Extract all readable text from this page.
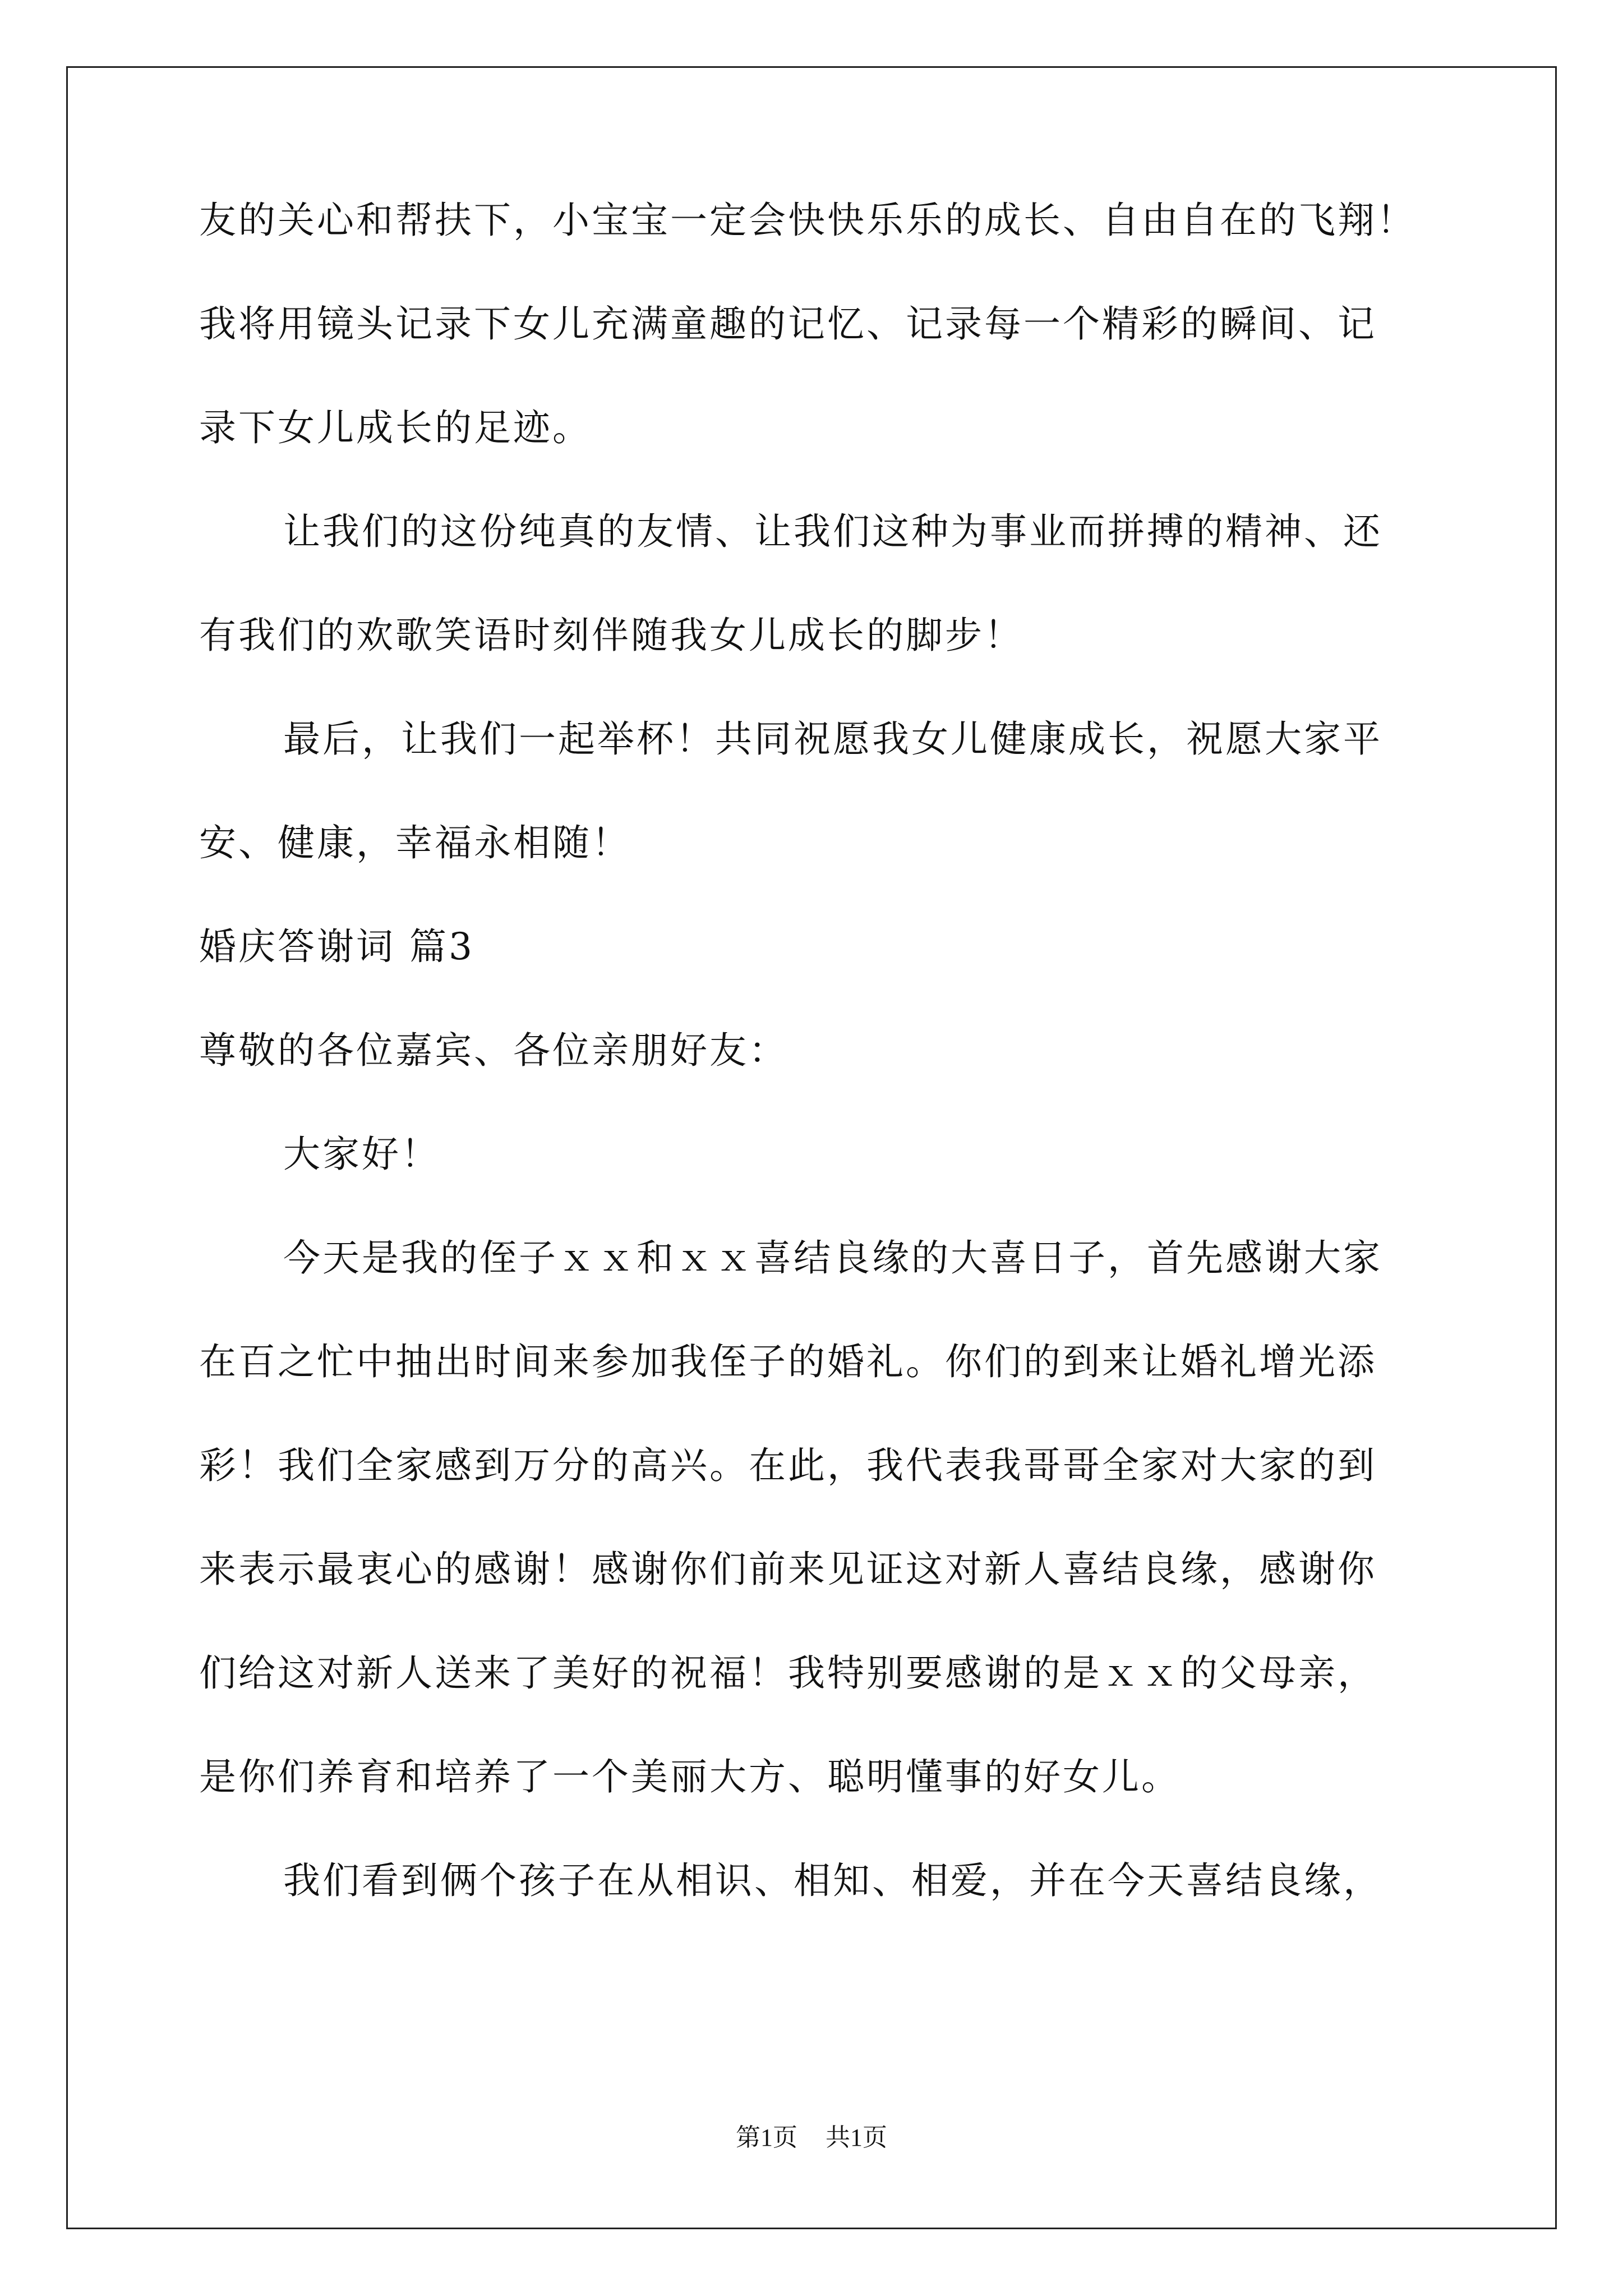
友的关心和帮扶下，小宝宝一定会快快乐乐的成长、自由自在的飞翔！

我将用镜头记录下女儿充满童趣的记忆、记录每一个精彩的瞬间、记

录下女儿成长的足迹。

让我们的这份纯真的友情、让我们这种为事业而拼搏的精神、还

有我们的欢歌笑语时刻伴随我女儿成长的脚步！

最后，让我们一起举杯！共同祝愿我女儿健康成长，祝愿大家平

安、健康，幸福永相随！

婚庆答谢词 篇3

尊敬的各位嘉宾、各位亲朋好友：

大家好！

今天是我的侄子ｘｘ和ｘｘ喜结良缘的大喜日子，首先感谢大家

在百之忙中抽出时间来参加我侄子的婚礼。你们的到来让婚礼增光添

彩！我们全家感到万分的高兴。在此，我代表我哥哥全家对大家的到

来表示最衷心的感谢！感谢你们前来见证这对新人喜结良缘，感谢你

们给这对新人送来了美好的祝福！我特别要感谢的是ｘｘ的父母亲，

是你们养育和培养了一个美丽大方、聪明懂事的好女儿。

我们看到俩个孩子在从相识、相知、相爱，并在今天喜结良缘，

第1页 共1页
